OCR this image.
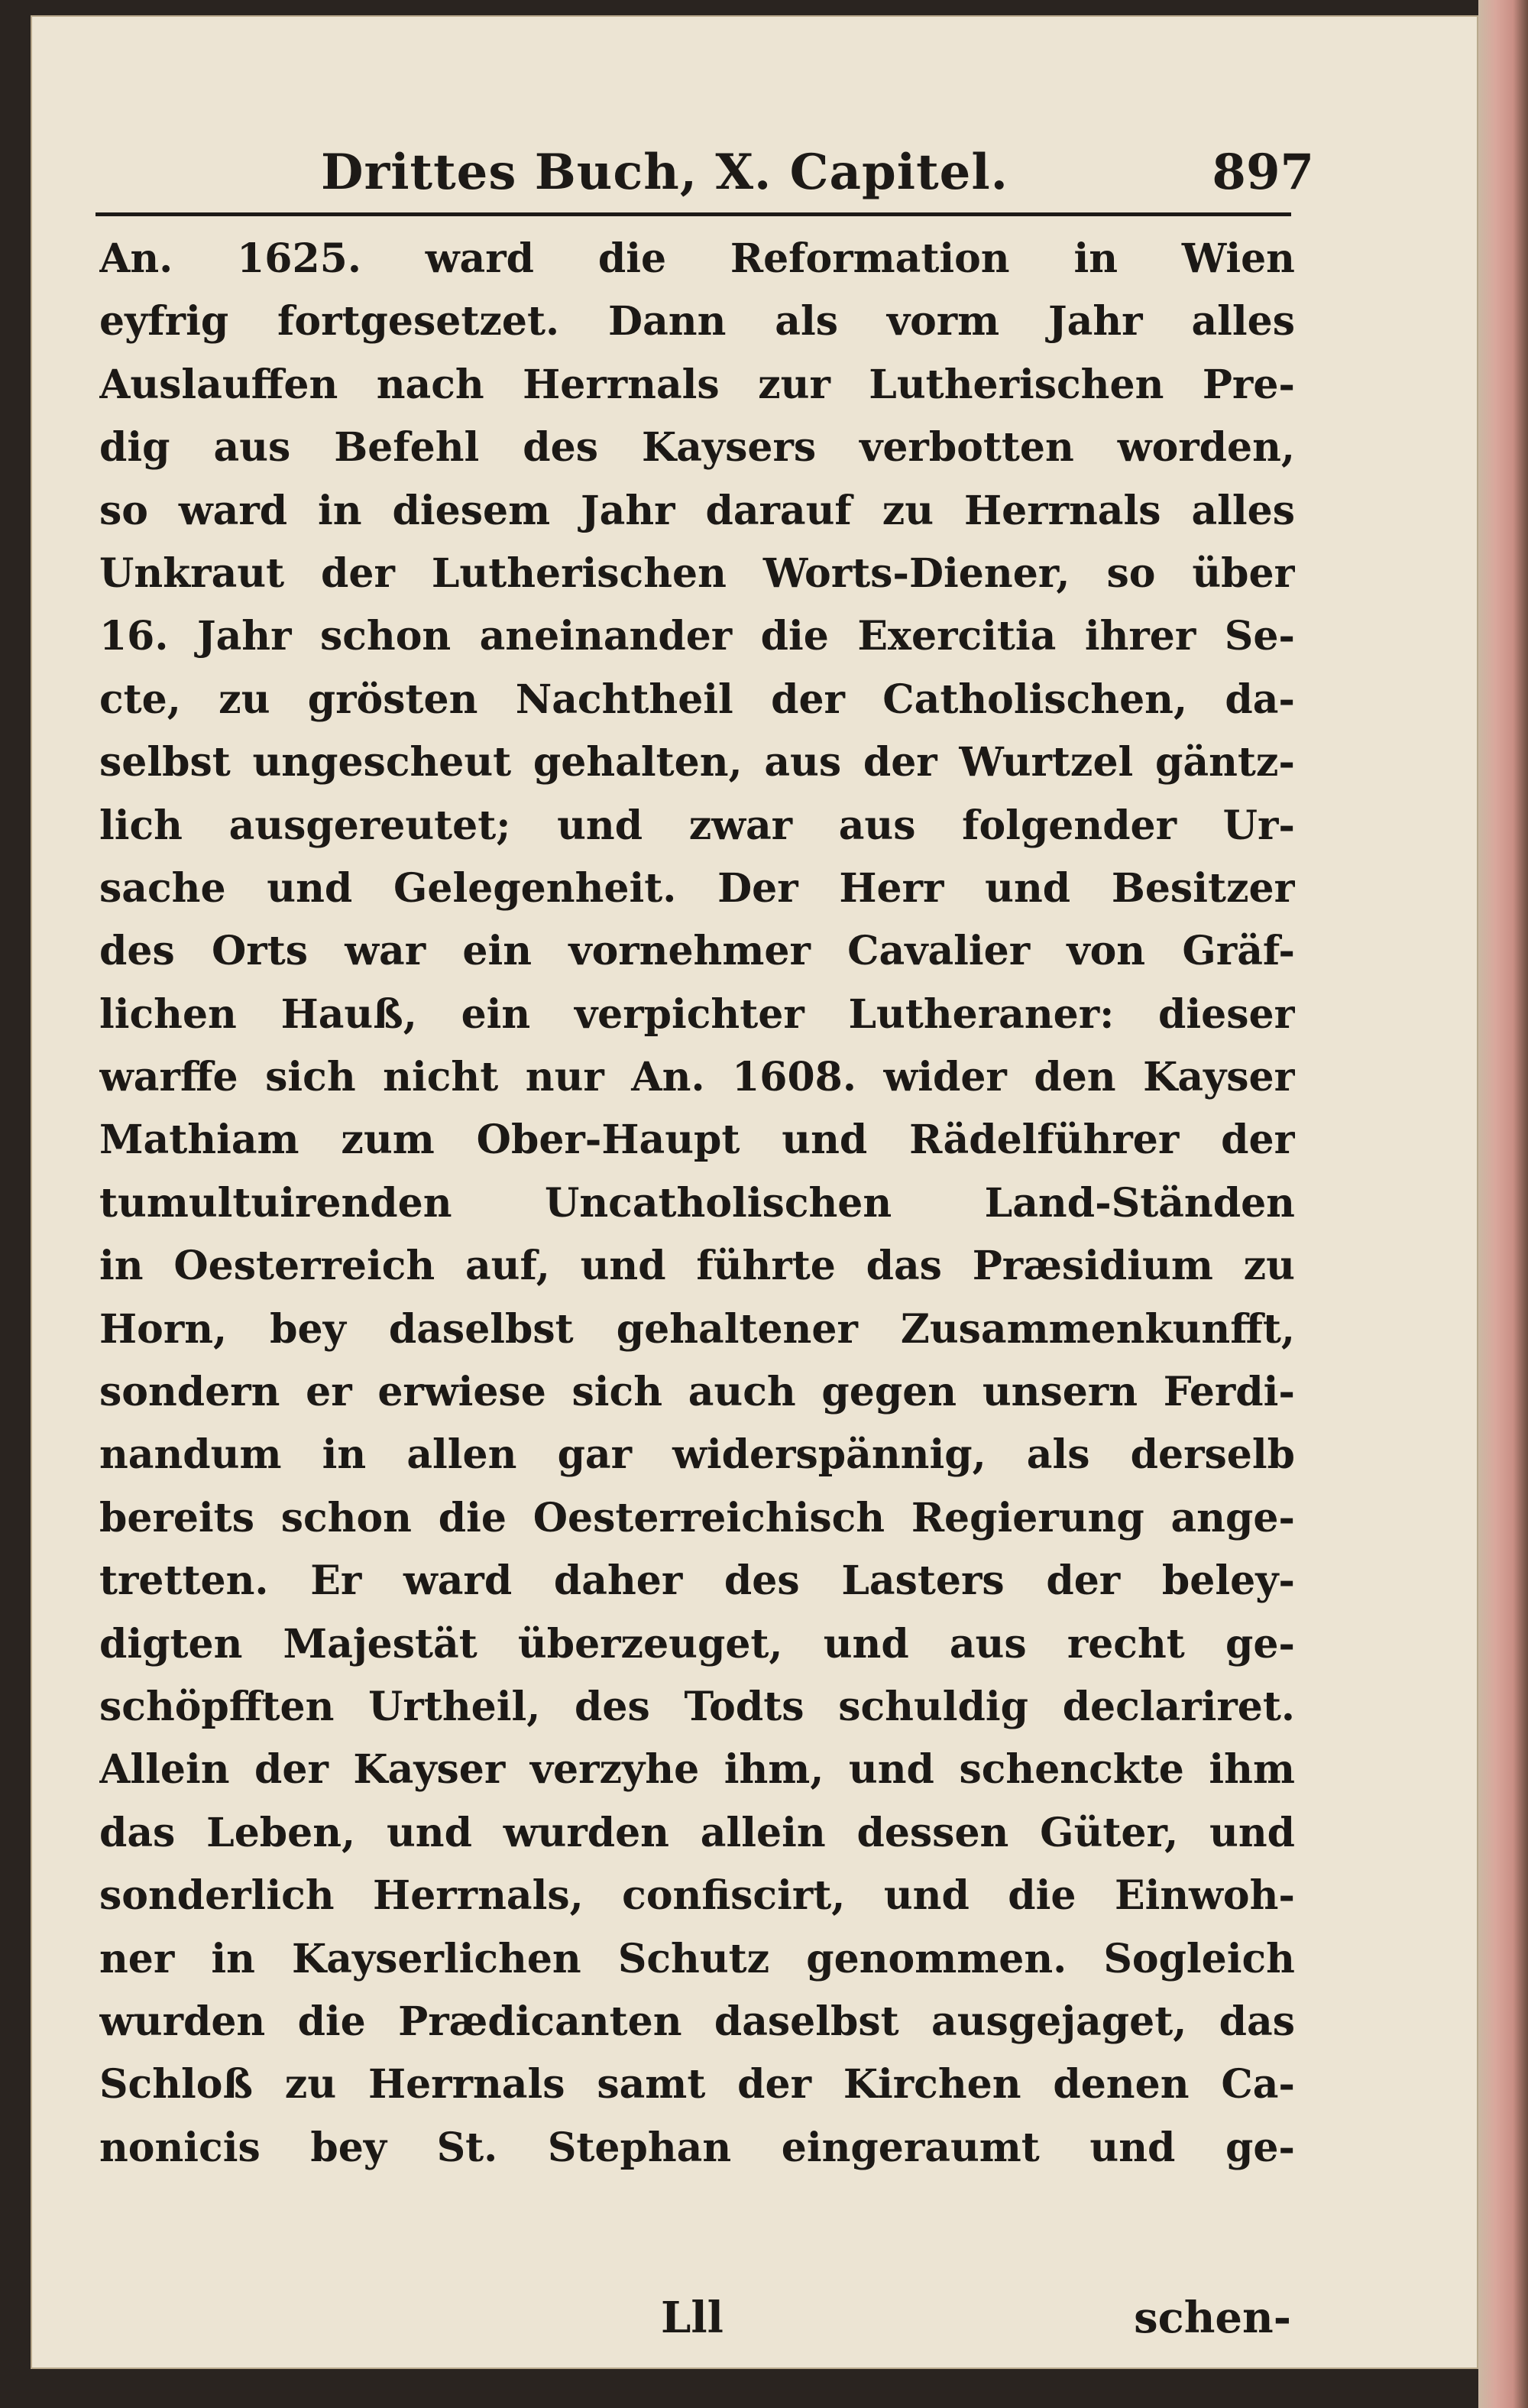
Drittes Buch, X. Capitel.	897
An. 1625. ward die Reformation in Wien
eyfrig fortgesetzet. Dann als vorm Jahr alles
Auslauffen nach Herrnals zur Lutherischen Pre-
dig aus Befehl des Kaysers verbotten worden,
so ward in diesem Jahr darauf zu Herrnals alles
Unkraut der Lutherischen Worts-Diener, so über
16. Jahr schon aneinander die Exercitia ihrer Se-
cte, zu grösten Nachtheil der Catholischen, da-
selbst ungescheut gehalten, aus der Wurtzel gäntz-
lich ausgereutet; und zwar aus folgender Ur-
sache und Gelegenheit. Der Herr und Besitzer
des Orts war ein vornehmer Cavalier von Gräf-
lichen Hauß, ein verpichter Lutheraner: dieser
warffe sich nicht nur An. 1608. wider den Kayser
Mathiam zum Ober-Haupt und Rädelführer der
tumultuirenden Uncatholischen Land-Ständen
in Oesterreich auf, und führte das Præsidium zu
Horn, bey daselbst gehaltener Zusammenkunfft,
sondern er erwiese sich auch gegen unsern Ferdi-
nandum in allen gar widerspännig, als derselb
bereits schon die Oesterreichisch Regierung ange-
tretten. Er ward daher des Lasters der beley-
digten Majestät überzeuget, und aus recht ge-
schöpfften Urtheil, des Todts schuldig declariret.
Allein der Kayser verzyhe ihm, und schenckte ihm
das Leben, und wurden allein dessen Güter, und
sonderlich Herrnals, confiscirt, und die Einwoh-
ner in Kayserlichen Schutz genommen. Sogleich
wurden die Prædicanten daselbst ausgejaget, das
Schloß zu Herrnals samt der Kirchen denen Ca-
nonicis bey St. Stephan eingeraumt und ge-
Lll	schen-
